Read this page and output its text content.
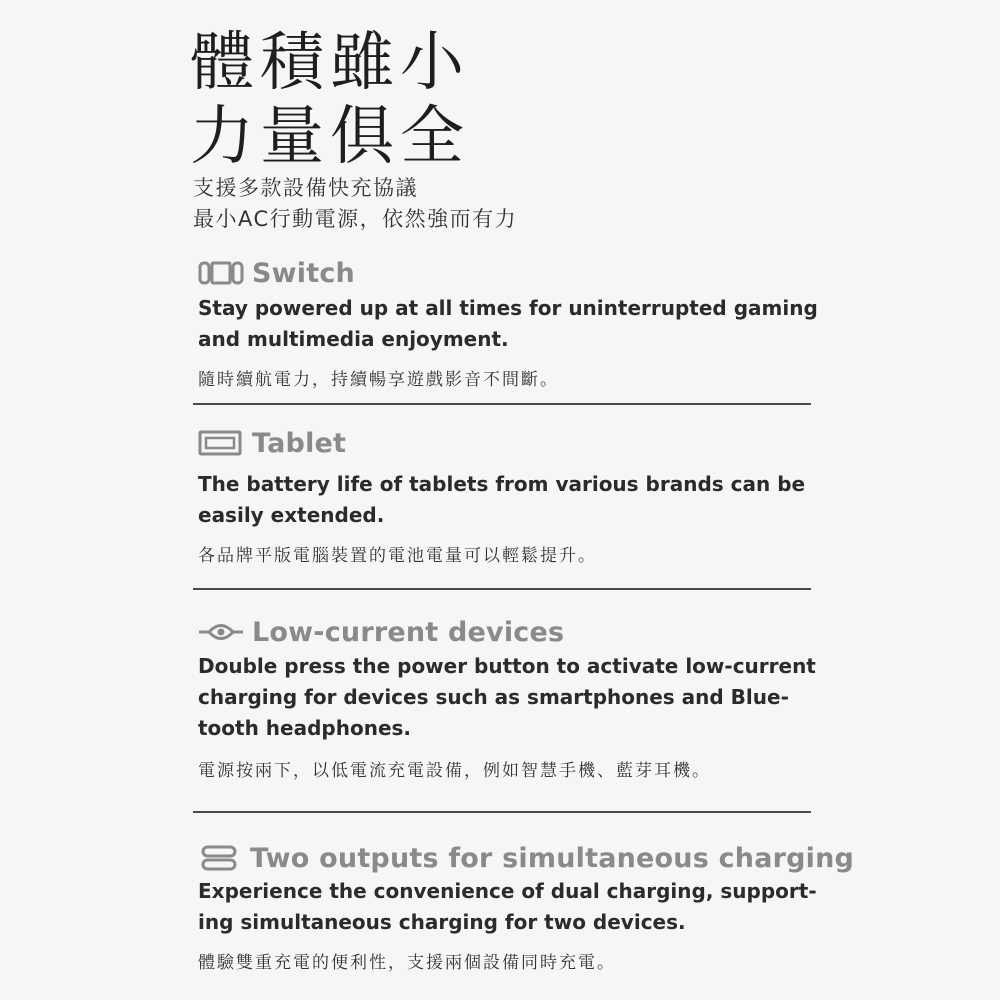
體積雖小
力量俱全
支援多款設備快充協議
最小AC行動電源，依然強而有力
Switch
Stay powered up at all times for uninterrupted gaming
and multimedia enjoyment.
隨時續航電力，持續暢享遊戲影音不間斷。
Tablet
The battery life of tablets from various brands can be
easily extended.
各品牌平版電腦裝置的電池電量可以輕鬆提升。
Low-current devices
Double press the power button to activate low-current
charging for devices such as smartphones and Blue-
tooth headphones.
電源按兩下，以低電流充電設備，例如智慧手機、藍芽耳機。
Two outputs for simultaneous charging
Experience the convenience of dual charging, support-
ing simultaneous charging for two devices.
體驗雙重充電的便利性，支援兩個設備同時充電。
